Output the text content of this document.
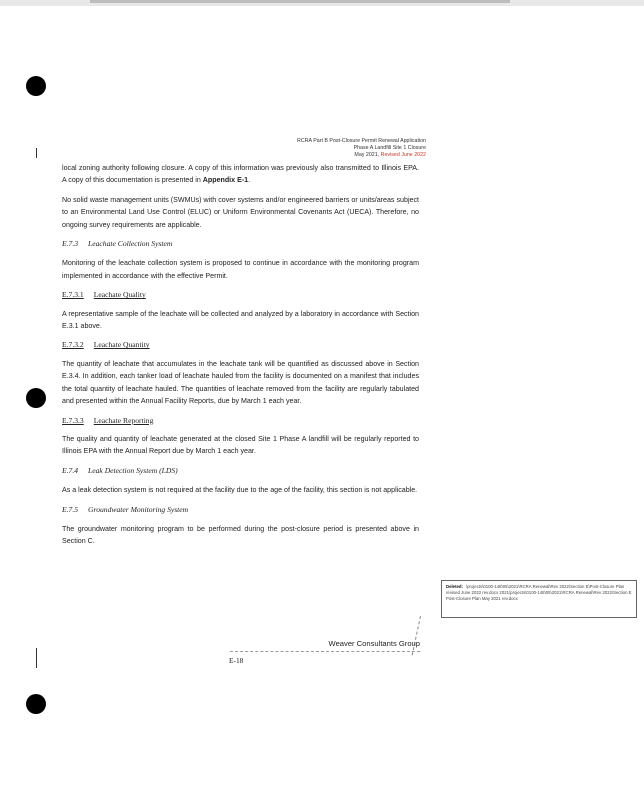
RCRA Part B Post-Closure Permit Renewal Application
Phase A Landfill Site 1 Closure
May 2021, Revised June 2022

local zoning authority following closure. A copy of this information was previously also transmitted to Illinois EPA. A copy of this documentation is presented in Appendix E-1.

No solid waste management units (SWMUs) with cover systems and/or engineered barriers or units/areas subject to an Environmental Land Use Control (ELUC) or Uniform Environmental Covenants Act (UECA). Therefore, no ongoing survey requirements are applicable.

E.7.3 Leachate Collection System

Monitoring of the leachate collection system is proposed to continue in accordance with the monitoring program implemented in accordance with the effective Permit.

E.7.3.1 Leachate Quality

A representative sample of the leachate will be collected and analyzed by a laboratory in accordance with Section E.3.1 above.

E.7.3.2 Leachate Quantity

The quantity of leachate that accumulates in the leachate tank will be quantified as discussed above in Section E.3.4. In addition, each tanker load of leachate hauled from the facility is documented on a manifest that includes the total quantity of leachate hauled. The quantities of leachate removed from the facility are regularly tabulated and presented within the Annual Facility Reports, due by March 1 each year.

E.7.3.3 Leachate Reporting

The quality and quantity of leachate generated at the closed Site 1 Phase A landfill will be regularly reported to Illinois EPA with the Annual Report due by March 1 each year.

E.7.4 Leak Detection System (LDS)

As a leak detection system is not required at the facility due to the age of the facility, this section is not applicable.

E.7.5 Groundwater Monitoring System

The groundwater monitoring program to be performed during the post-closure period is presented above in Section C.

Deleted: \projects\0100-148\05\2021\RCRA Renewal\Rev 2022\Section E\Post-Closure Plan revised June 2022 rev.docx 2021\projects\0100-148\05\2021\RCRA Renewal\Rev 2022\Section E Post-Closure Plan May 2021 rev.docx
Weaver Consultants Group
E-18
